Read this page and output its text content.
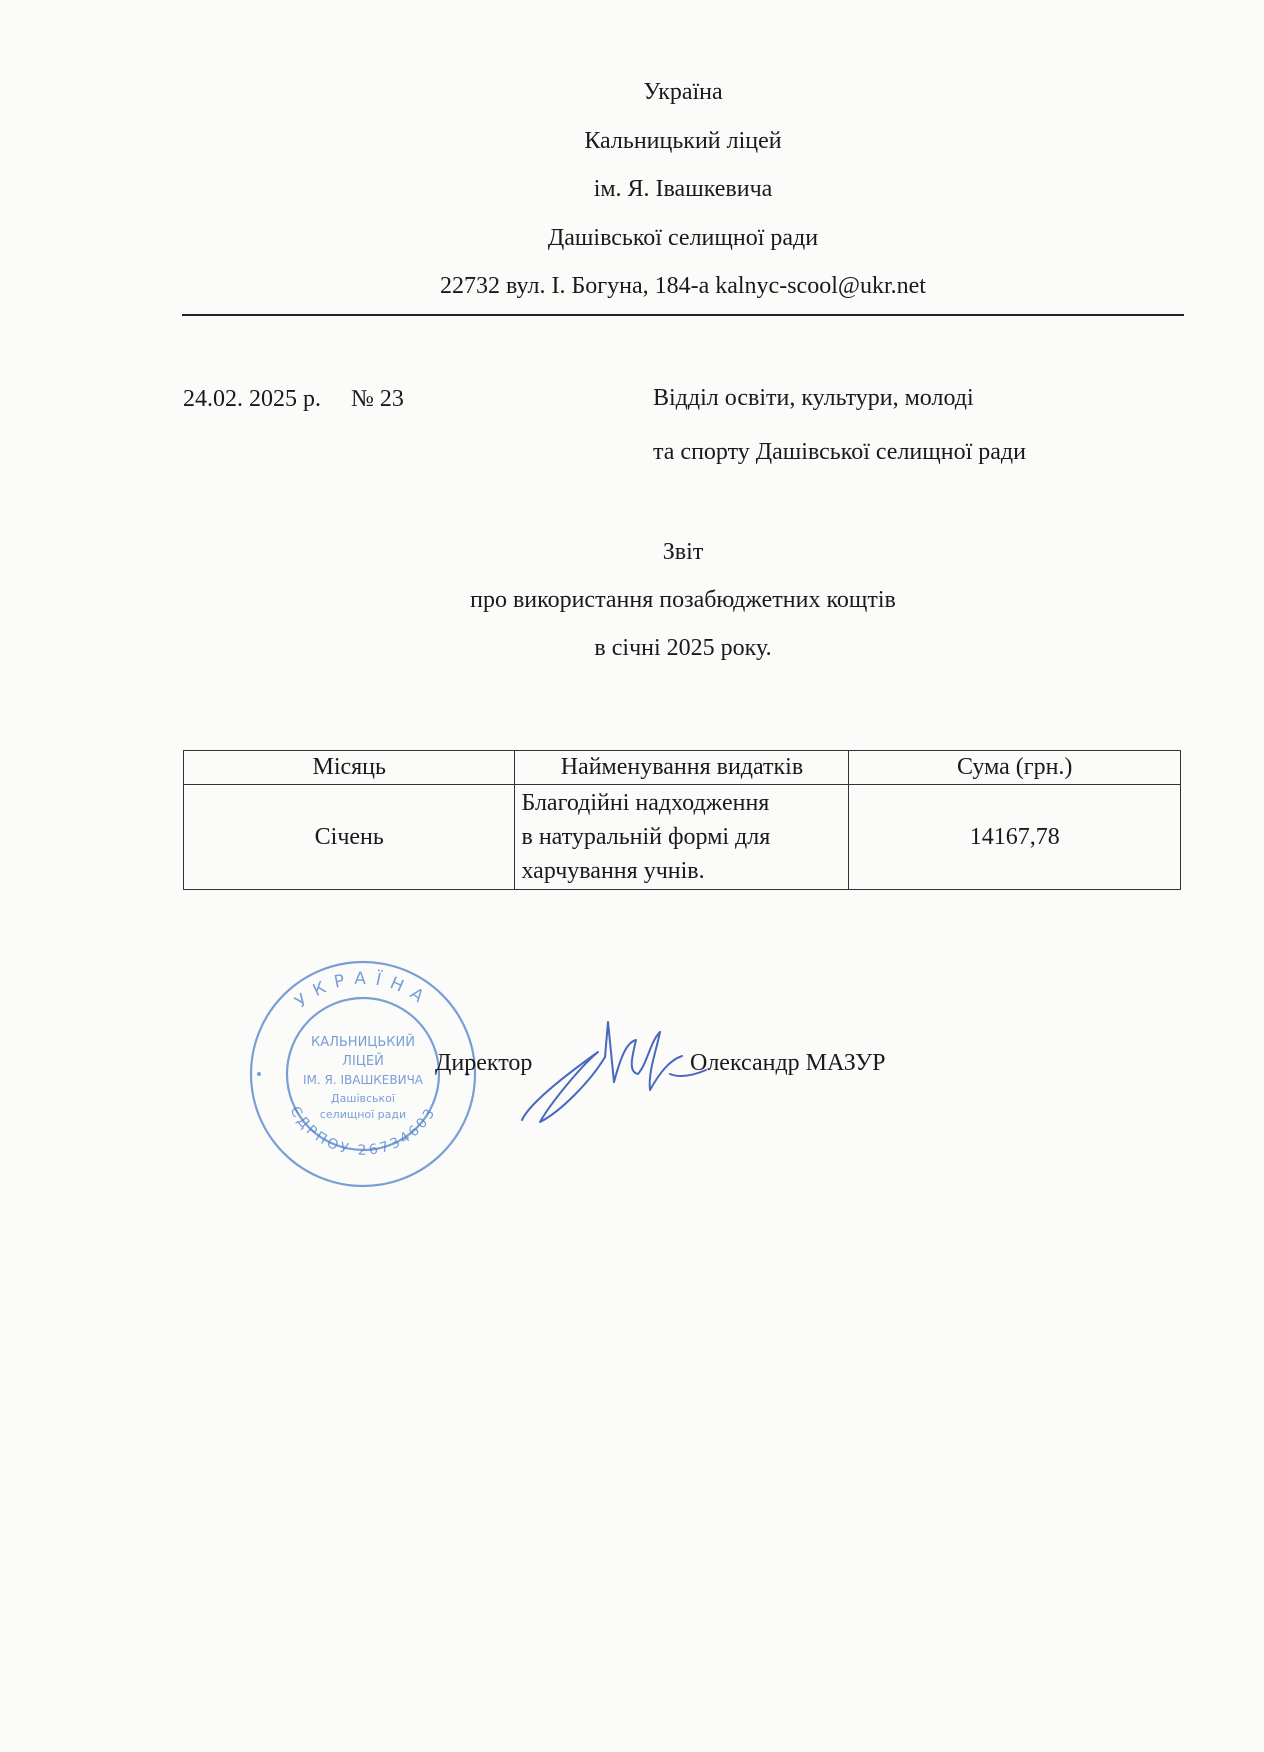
Україна
Кальницький ліцей
ім. Я. Івашкевича
Дашівської селищної ради
22732 вул. І. Богуна, 184-а kalnyc-scool@ukr.net
24.02. 2025 р. № 23	Відділ освіти, культури, молоді
та спорту Дашівської селищної ради
Звіт
про використання позабюджетних кощтів
в січні 2025 року.
Місяць	Найменування видатків	Сума (грн.)
Січень	Благодійні надходження
в натуральній формі для
харчування учнів.	14167,78
УКРАЇНА
ЄДРПОУ 26734603
КАЛЬНИЦЬКИЙ
ЛІЦЕЙ
ІМ. Я. ІВАШКЕВИЧА
Дашівської
селищної ради
Директор	Олександр МАЗУР
